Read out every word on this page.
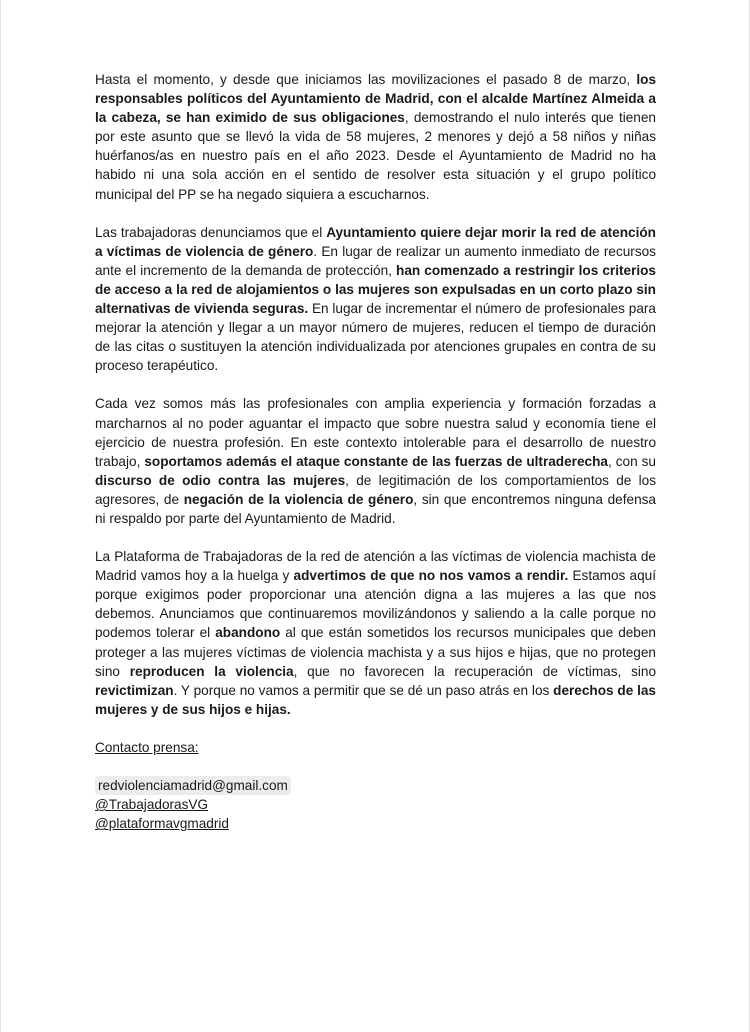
Hasta el momento, y desde que iniciamos las movilizaciones el pasado 8 de marzo, los responsables políticos del Ayuntamiento de Madrid, con el alcalde Martínez Almeida a la cabeza, se han eximido de sus obligaciones, demostrando el nulo interés que tienen por este asunto que se llevó la vida de 58 mujeres, 2 menores y dejó a 58 niños y niñas huérfanos/as en nuestro país en el año 2023. Desde el Ayuntamiento de Madrid no ha habido ni una sola acción en el sentido de resolver esta situación y el grupo político municipal del PP se ha negado siquiera a escucharnos.

Las trabajadoras denunciamos que el Ayuntamiento quiere dejar morir la red de atención a víctimas de violencia de género. En lugar de realizar un aumento inmediato de recursos ante el incremento de la demanda de protección, han comenzado a restringir los criterios de acceso a la red de alojamientos o las mujeres son expulsadas en un corto plazo sin alternativas de vivienda seguras. En lugar de incrementar el número de profesionales para mejorar la atención y llegar a un mayor número de mujeres, reducen el tiempo de duración de las citas o sustituyen la atención individualizada por atenciones grupales en contra de su proceso terapéutico.

Cada vez somos más las profesionales con amplia experiencia y formación forzadas a marcharnos al no poder aguantar el impacto que sobre nuestra salud y economía tiene el ejercicio de nuestra profesión. En este contexto intolerable para el desarrollo de nuestro trabajo, soportamos además el ataque constante de las fuerzas de ultraderecha, con su discurso de odio contra las mujeres, de legitimación de los comportamientos de los agresores, de negación de la violencia de género, sin que encontremos ninguna defensa ni respaldo por parte del Ayuntamiento de Madrid.

La Plataforma de Trabajadoras de la red de atención a las víctimas de violencia machista de Madrid vamos hoy a la huelga y advertimos de que no nos vamos a rendir. Estamos aquí porque exigimos poder proporcionar una atención digna a las mujeres a las que nos debemos. Anunciamos que continuaremos movilizándonos y saliendo a la calle porque no podemos tolerar el abandono al que están sometidos los recursos municipales que deben proteger a las mujeres víctimas de violencia machista y a sus hijos e hijas, que no protegen sino reproducen la violencia, que no favorecen la recuperación de víctimas, sino revictimizan. Y porque no vamos a permitir que se dé un paso atrás en los derechos de las mujeres y de sus hijos e hijas.

Contacto prensa:
redviolenciamadrid@gmail.com
@TrabajadorasVG
@plataformavgmadrid
